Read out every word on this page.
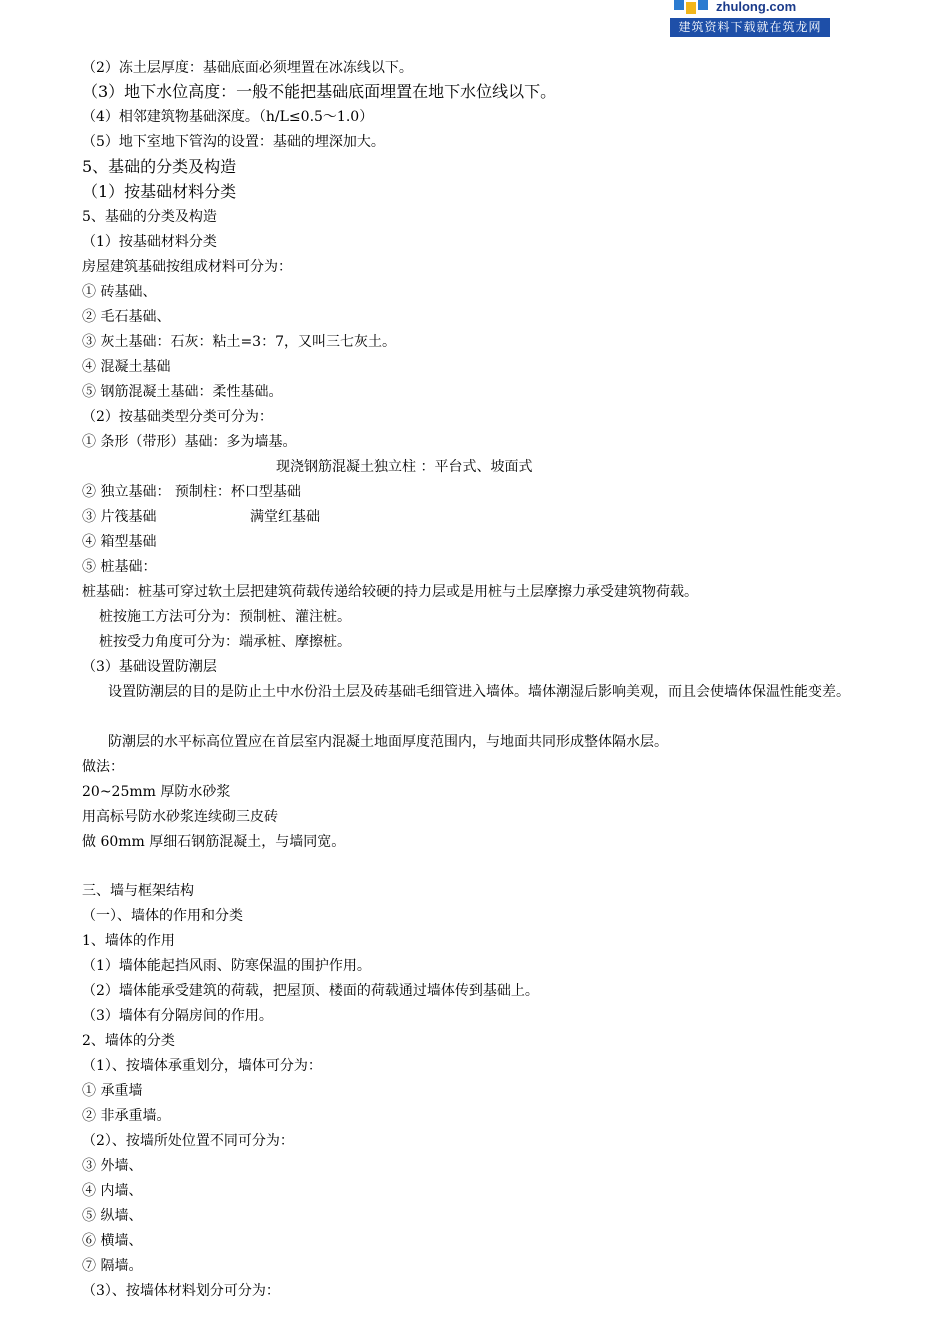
zhulong.com
建筑资料下载就在筑龙网
（2）冻土层厚度：基础底面必须埋置在冰冻线以下。
（3）地下水位高度：一般不能把基础底面埋置在地下水位线以下。
（4）相邻建筑物基础深度。（h/L≤0.5～1.0）
（5）地下室地下管沟的设置：基础的埋深加大。
5、基础的分类及构造
（1）按基础材料分类
5、基础的分类及构造
（1）按基础材料分类
房屋建筑基础按组成材料可分为：
① 砖基础、
② 毛石基础、
③ 灰土基础：石灰：粘土=3：7，又叫三七灰土。
④ 混凝土基础
⑤ 钢筋混凝土基础：柔性基础。
（2）按基础类型分类可分为：
① 条形（带形）基础：多为墙基。
现浇钢筋混凝土独立柱 ：平台式、坡面式
② 独立基础： 预制柱：杯口型基础
③ 片筏基础	满堂红基础
④ 箱型基础
⑤ 桩基础：
桩基础：桩基可穿过软土层把建筑荷载传递给较硬的持力层或是用桩与土层摩擦力承受建筑物荷载。
桩按施工方法可分为：预制桩、灌注桩。
桩按受力角度可分为：端承桩、摩擦桩。
（3）基础设置防潮层
设置防潮层的目的是防止土中水份沿土层及砖基础毛细管进入墙体。墙体潮湿后影响美观，而且会使墙体保温性能变差。
防潮层的水平标高位置应在首层室内混凝土地面厚度范围内，与地面共同形成整体隔水层。
做法：
20~25mm 厚防水砂浆
用高标号防水砂浆连续砌三皮砖
做 60mm 厚细石钢筋混凝土，与墙同宽。
三、墙与框架结构
（一）、墙体的作用和分类
1、墙体的作用
（1）墙体能起挡风雨、防寒保温的围护作用。
（2）墙体能承受建筑的荷载，把屋顶、楼面的荷载通过墙体传到基础上。
（3）墙体有分隔房间的作用。
2、墙体的分类
（1）、按墙体承重划分，墙体可分为：
① 承重墙
② 非承重墙。
（2）、按墙所处位置不同可分为：
③ 外墙、
④ 内墙、
⑤ 纵墙、
⑥ 横墙、
⑦ 隔墙。
（3）、按墙体材料划分可分为：
